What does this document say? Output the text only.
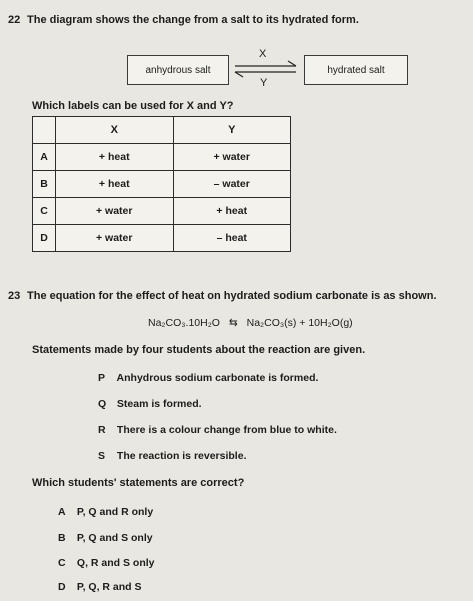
22 The diagram shows the change from a salt to its hydrated form.
anhydrous salt
X
Y
hydrated salt
Which labels can be used for X and Y?
	X	Y
A	+ heat	+ water
B	+ heat	– water
C	+ water	+ heat
D	+ water	– heat
23 The equation for the effect of heat on hydrated sodium carbonate is as shown.
Na₂CO₃.10H₂O ⇆ Na₂CO₃(s) + 10H₂O(g)
Statements made by four students about the reaction are given.
P Anhydrous sodium carbonate is formed.
Q Steam is formed.
R There is a colour change from blue to white.
S The reaction is reversible.
Which students' statements are correct?
A P, Q and R only
B P, Q and S only
C Q, R and S only
D P, Q, R and S
